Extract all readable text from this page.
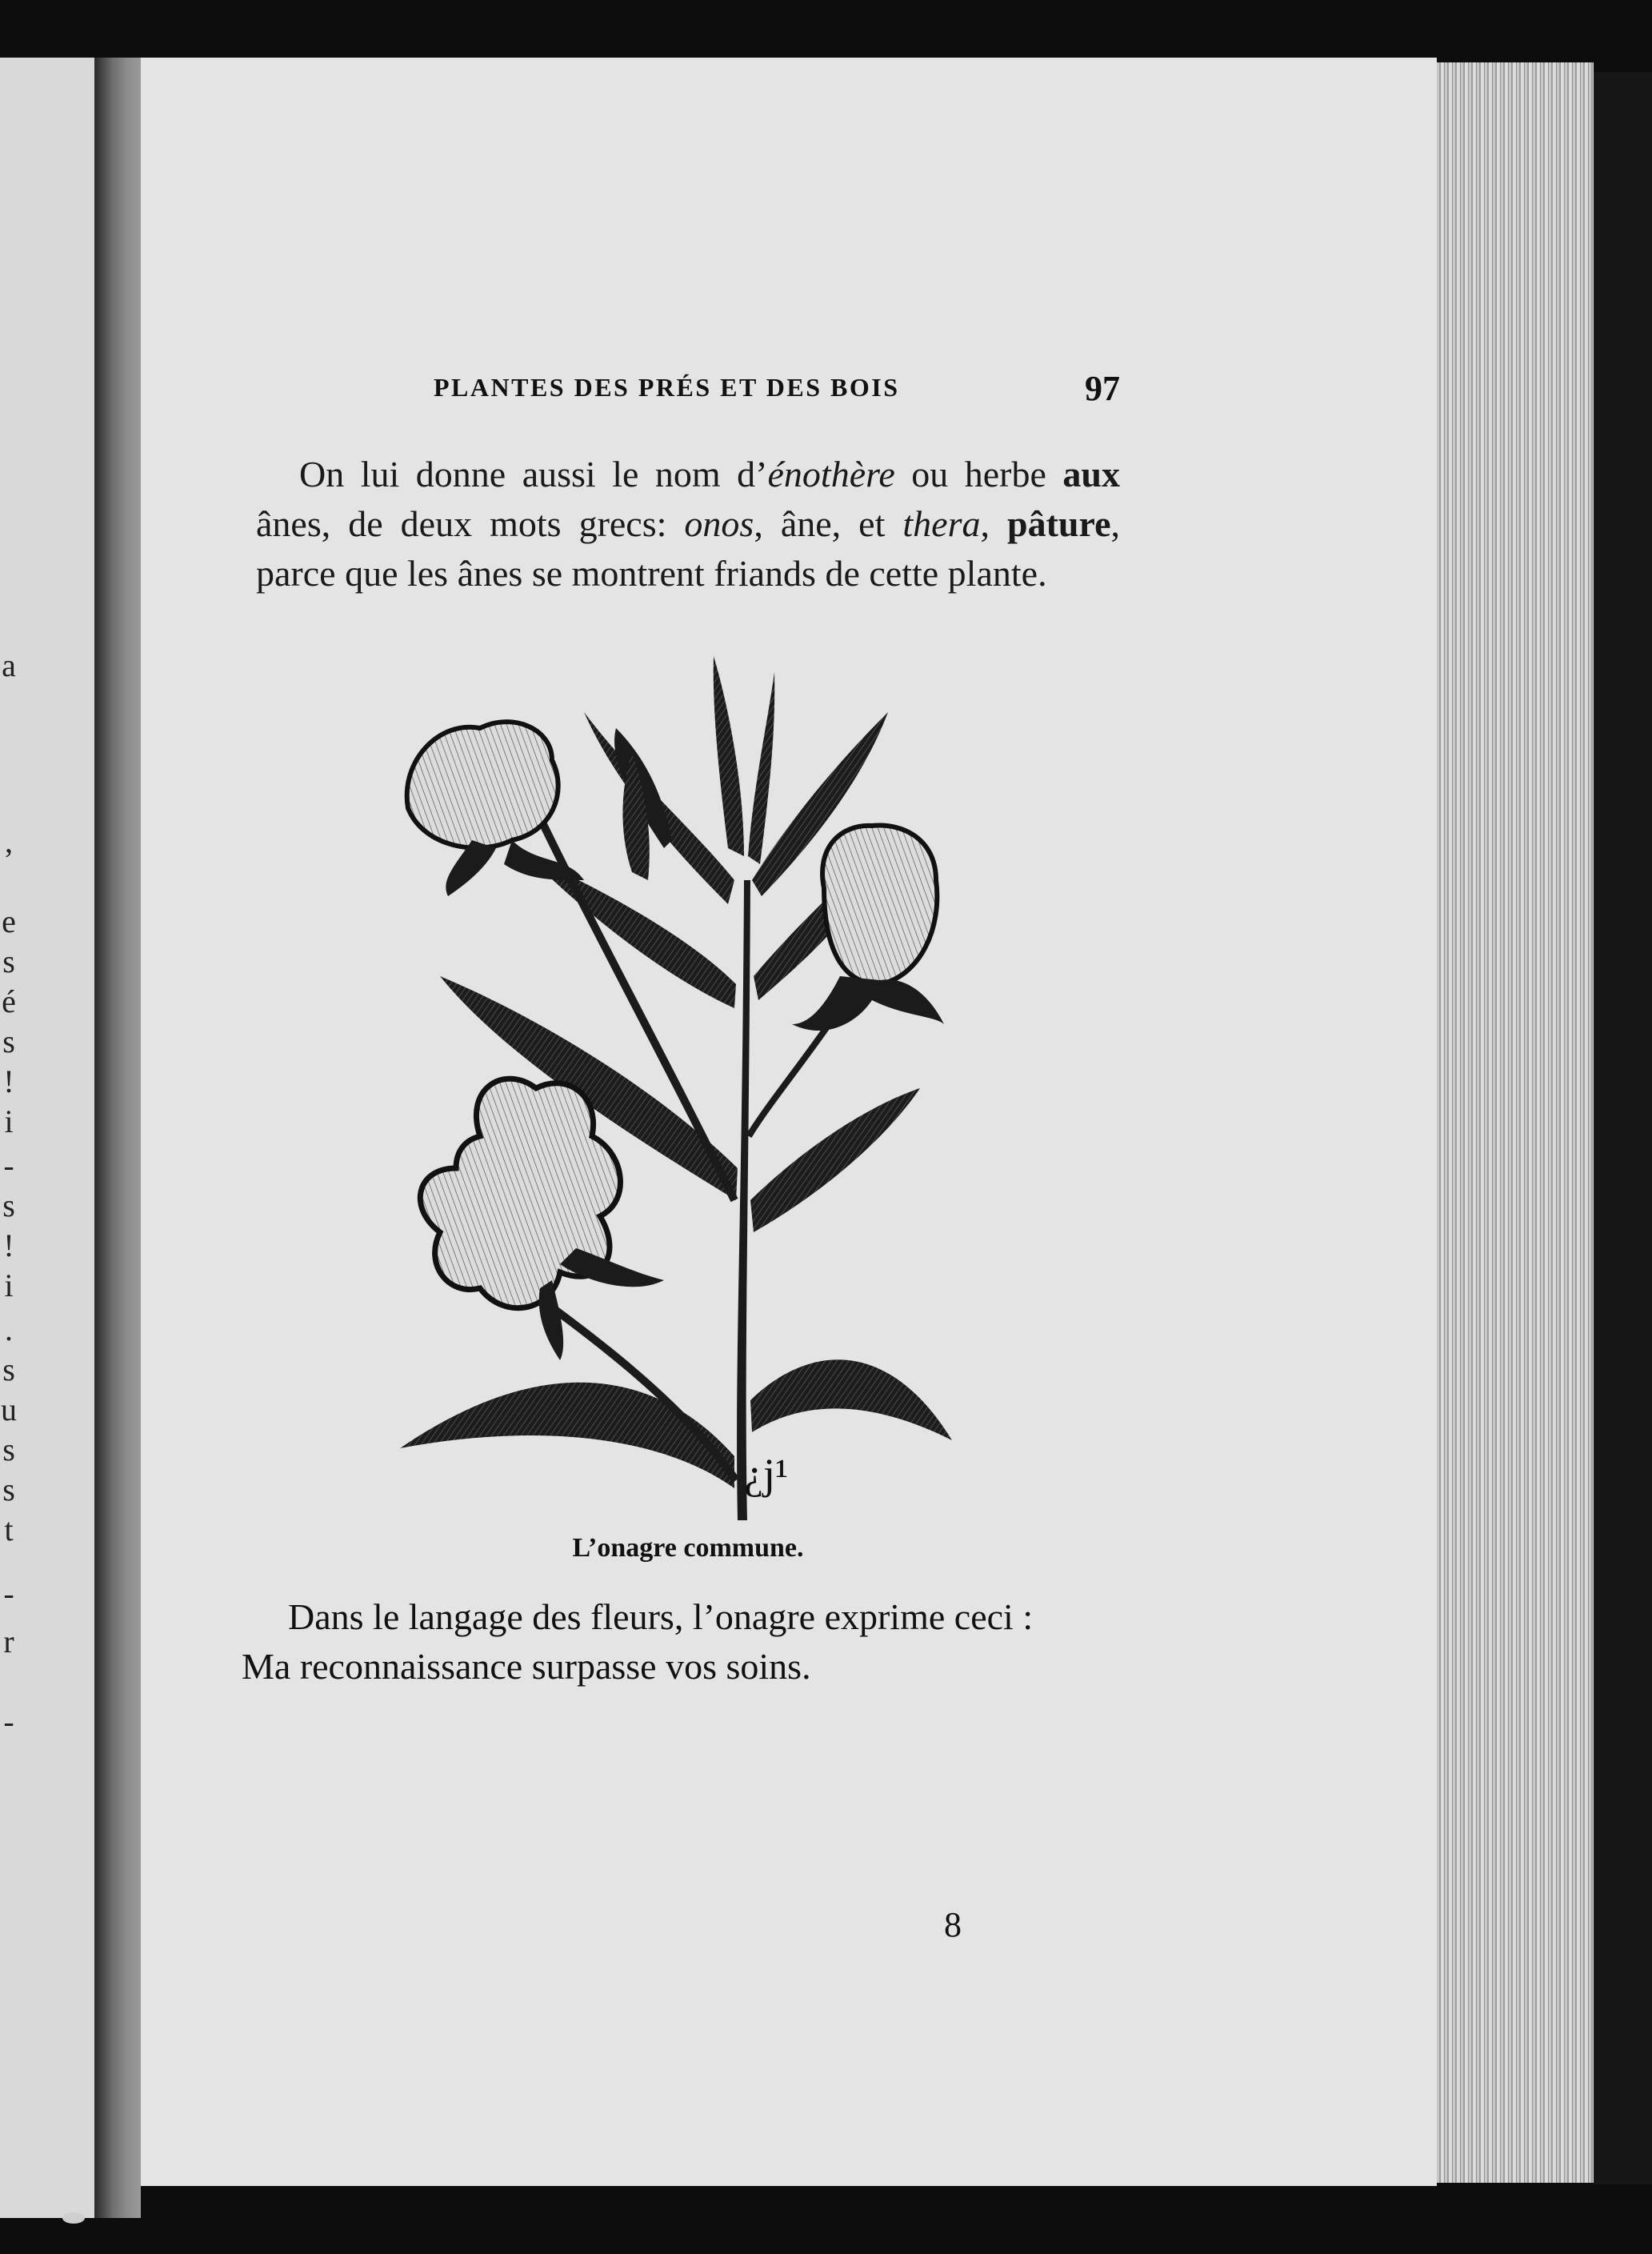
a
,
e
s
é
s
!
i
-
s
!
i
.
s
u
s
s
t
-
r
-
PLANTES DES PRÉS ET DES BOIS	97
On lui donne aussi le nom d’énothère ou herbe aux ânes, de deux mots grecs: onos, âne, et thera, pâture, parce que les ânes se montrent friands de cette plante.
¿j¹
L’onagre commune.
Dans le langage des fleurs, l’onagre exprime ceci :
Ma reconnaissance surpasse vos soins.
8
